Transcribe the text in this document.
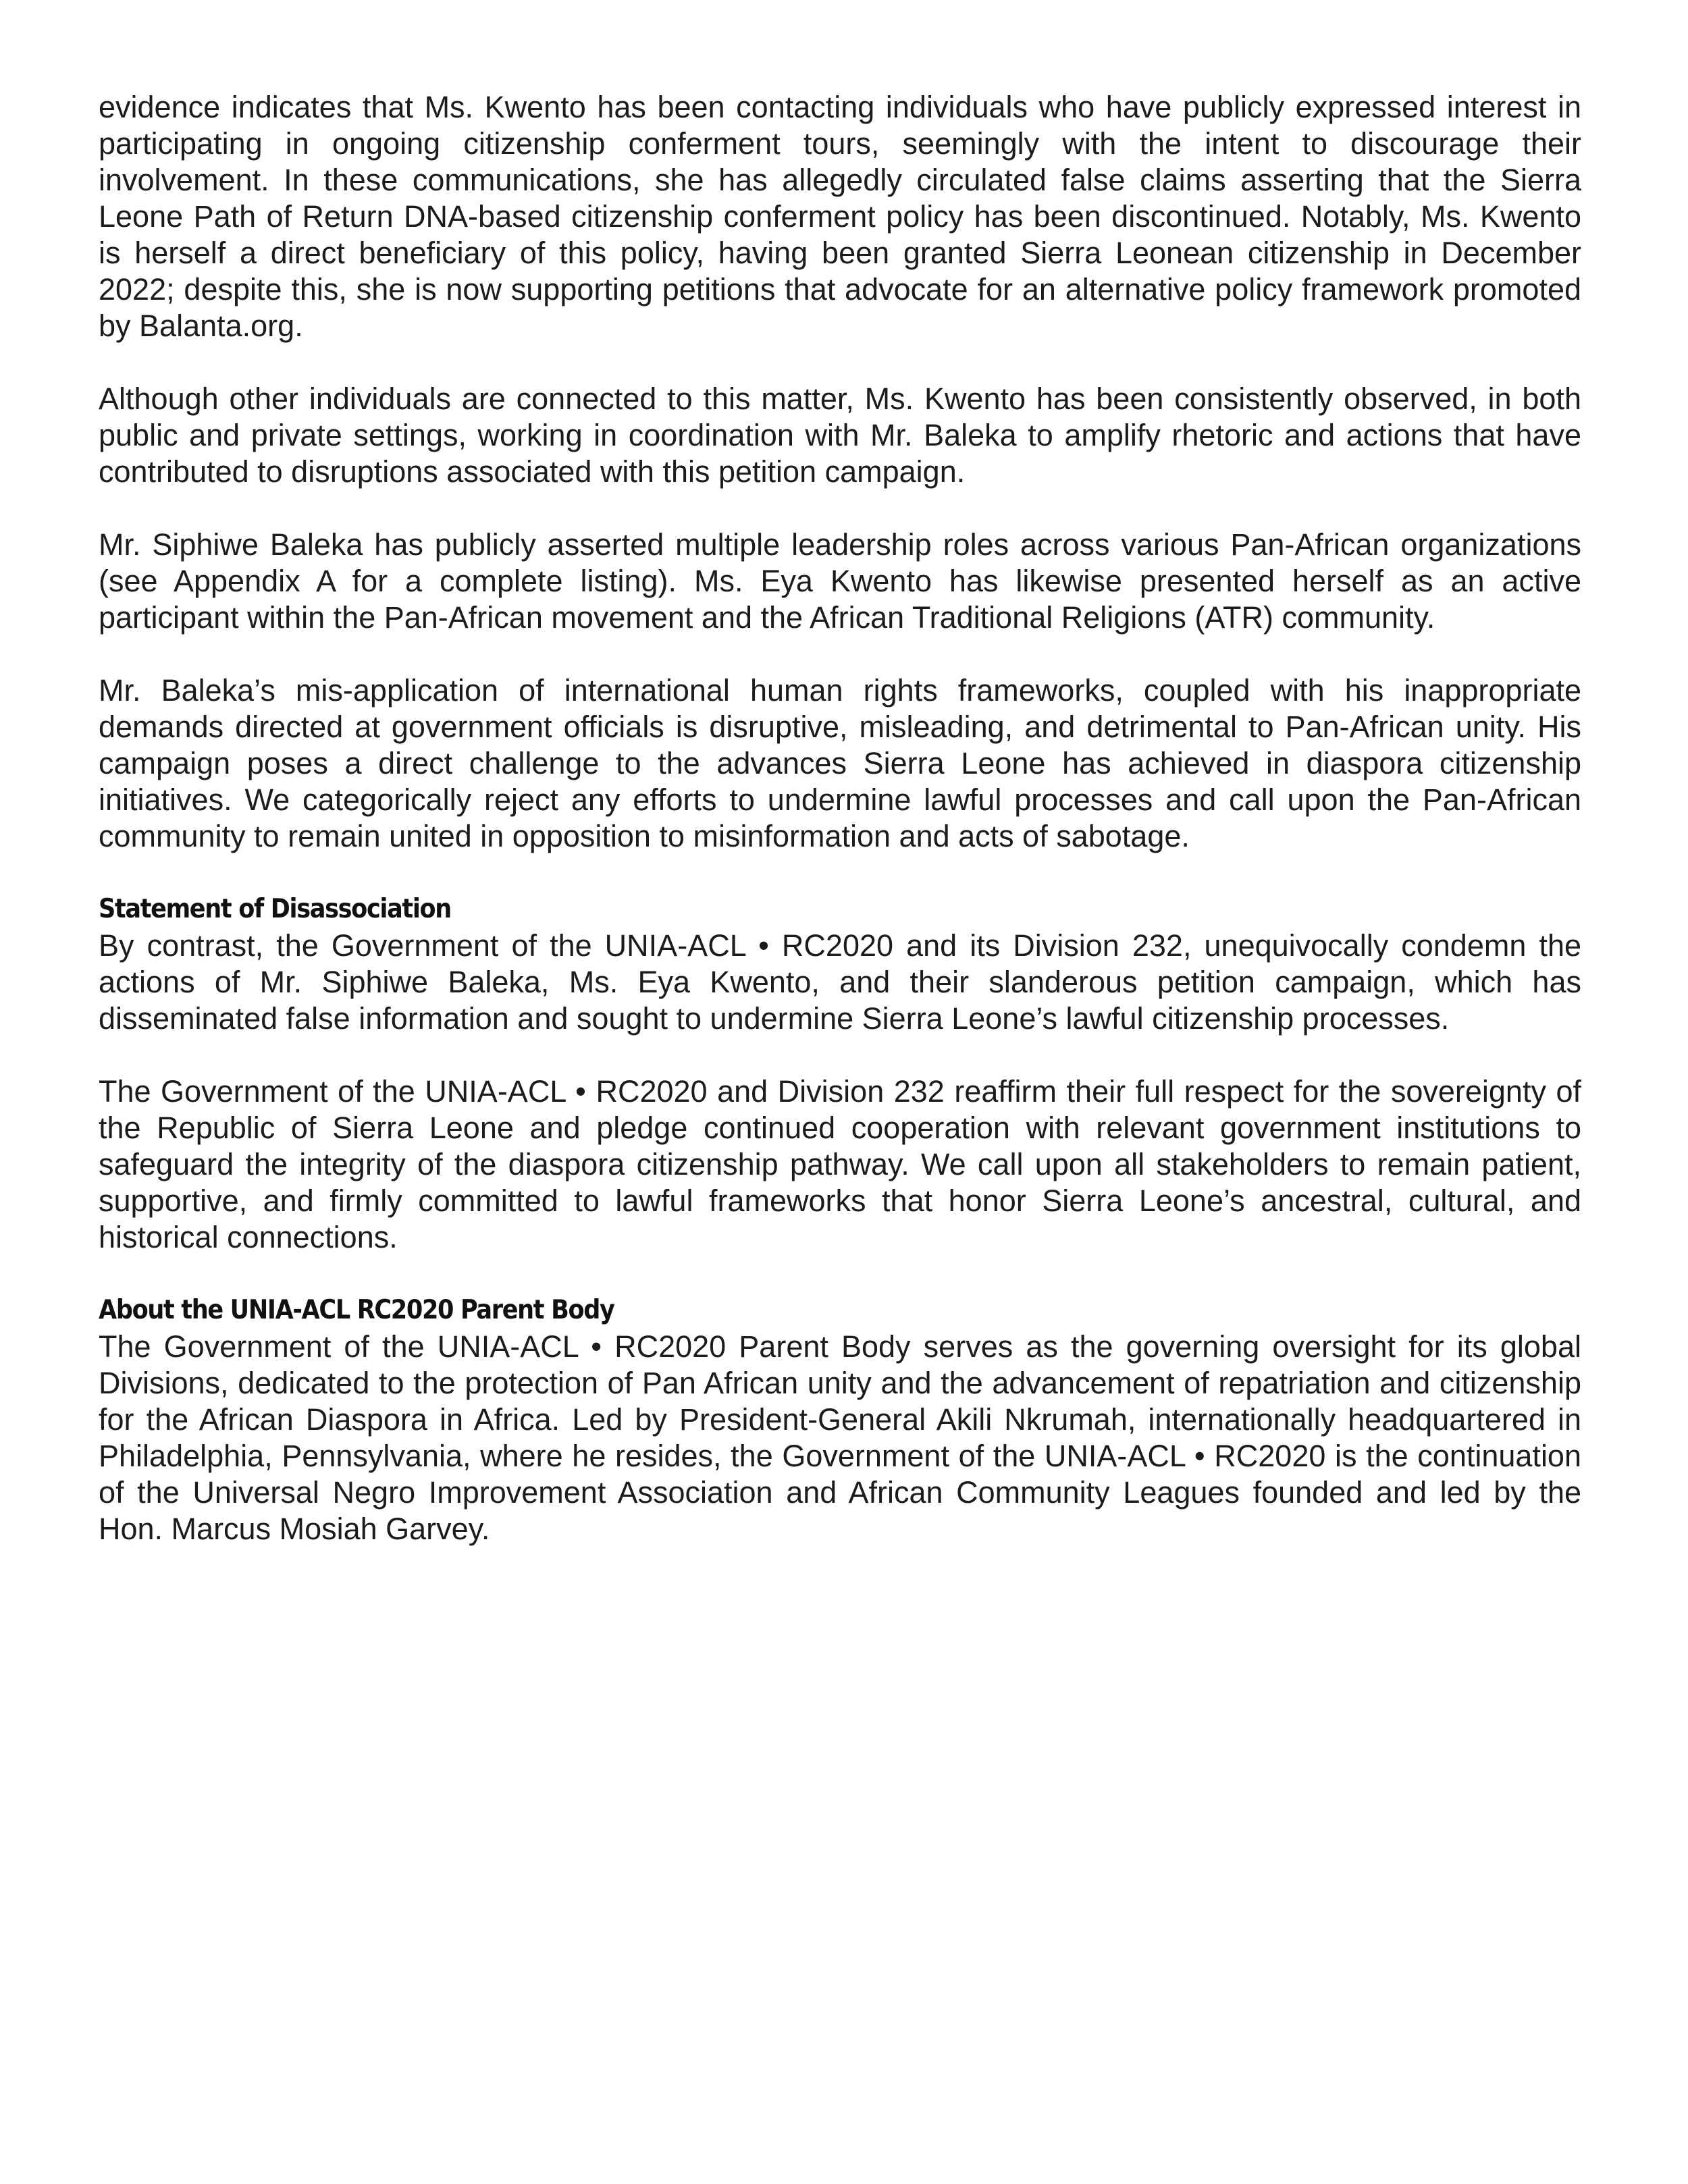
evidence indicates that Ms. Kwento has been contacting individuals who have publicly expressed interest in participating in ongoing citizenship conferment tours, seemingly with the intent to discourage their involvement. In these communications, she has allegedly circulated false claims asserting that the Sierra Leone Path of Return DNA-based citizenship conferment policy has been discontinued. Notably, Ms. Kwento is herself a direct beneficiary of this policy, having been granted Sierra Leonean citizenship in December 2022; despite this, she is now supporting petitions that advocate for an alternative policy framework promoted by Balanta.org.

Although other individuals are connected to this matter, Ms. Kwento has been consistently observed, in both public and private settings, working in coordination with Mr. Baleka to amplify rhetoric and actions that have contributed to disruptions associated with this petition campaign.

Mr. Siphiwe Baleka has publicly asserted multiple leadership roles across various Pan-African organizations (see Appendix A for a complete listing). Ms. Eya Kwento has likewise presented herself as an active participant within the Pan-African movement and the African Traditional Religions (ATR) community.

Mr. Baleka’s mis-application of international human rights frameworks, coupled with his inappropriate demands directed at government officials is disruptive, misleading, and detrimental to Pan-African unity. His campaign poses a direct challenge to the advances Sierra Leone has achieved in diaspora citizenship initiatives. We categorically reject any efforts to undermine lawful processes and call upon the Pan-African community to remain united in opposition to misinformation and acts of sabotage.

Statement of Disassociation

By contrast, the Government of the UNIA-ACL • RC2020 and its Division 232, unequivocally condemn the actions of Mr. Siphiwe Baleka, Ms. Eya Kwento, and their slanderous petition campaign, which has disseminated false information and sought to undermine Sierra Leone’s lawful citizenship processes.

The Government of the UNIA-ACL • RC2020 and Division 232 reaffirm their full respect for the sovereignty of the Republic of Sierra Leone and pledge continued cooperation with relevant government institutions to safeguard the integrity of the diaspora citizenship pathway. We call upon all stakeholders to remain patient, supportive, and firmly committed to lawful frameworks that honor Sierra Leone’s ancestral, cultural, and historical connections.

About the UNIA-ACL RC2020 Parent Body

The Government of the UNIA-ACL • RC2020 Parent Body serves as the governing oversight for its global Divisions, dedicated to the protection of Pan African unity and the advancement of repatriation and citizenship for the African Diaspora in Africa. Led by President-General Akili Nkrumah, internationally headquartered in Philadelphia, Pennsylvania, where he resides, the Government of the UNIA-ACL • RC2020 is the continuation of the Universal Negro Improvement Association and African Community Leagues founded and led by the Hon. Marcus Mosiah Garvey.
